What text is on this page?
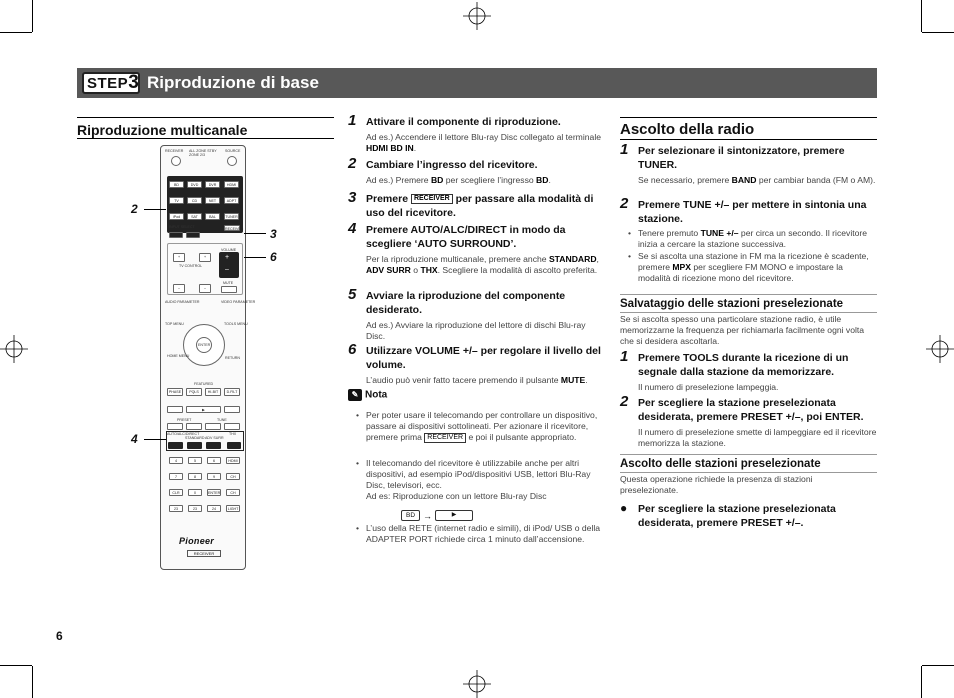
STEP3 Riproduzione di base
Riproduzione multicanale
RECEIVER ALL ZONE STBY
ZONE 2/3
SOURCE
BD	DVD	DVR	HDMI
TV	CD	NET	ADPT
iPod	SAT	BAL	TUNER
INPUT SELECT	RECEIVER
TV CONTROL
+	+
–	–
VOLUME
+
–
MUTE
AUDIO PARAMETER	VIDEO PARAMETER
TOP MENU	TOOLS MENU
ENTER
HOME MENU	RETURN
FEATURED
PHASE	PQLS	HI-BIT	D.FILT
▶
PRESET	TUNE
AUTO/ALC/DIRECT
STANDARD ADV SURR
THX
4	5	6	HDMI
7	8	9	CH
CLR	0	ENTER	CH
23	23	24	LIGHT
Pioneer
RECEIVER
2
3
6
4
1 Attivare il componente di riproduzione.
Ad es.) Accendere il lettore Blu-ray Disc collegato al terminale HDMI BD IN.
2 Cambiare l’ingresso del ricevitore.
Ad es.) Premere BD per scegliere l’ingresso BD.
3 Premere RECEIVER per passare alla modalità di uso del ricevitore.
4 Premere AUTO/ALC/DIRECT in modo da scegliere ‘AUTO SURROUND’.
Per la riproduzione multicanale, premere anche STANDARD, ADV SURR o THX. Scegliere la modalità di ascolto preferita.
5 Avviare la riproduzione del componente desiderato.
Ad es.) Avviare la riproduzione del lettore di dischi Blu-ray Disc.
6 Utilizzare VOLUME +/– per regolare il livello del volume.
L’audio può venir fatto tacere premendo il pulsante MUTE.
✎ Nota
• Per poter usare il telecomando per controllare un dispositivo, passare ai dispositivi sottolineati. Per azionare il ricevitore, premere prima RECEIVER e poi il pulsante appropriato.
• Il telecomando del ricevitore è utilizzabile anche per altri dispositivi, ad esempio iPod/dispositivi USB, lettori Blu-Ray Disc, televisori, ecc.
Ad es: Riproduzione con un lettore Blu-ray Disc
BD →	▶
• L’uso della RETE (internet radio e simili), di iPod/ USB o della ADAPTER PORT richiede circa 1 minuto dall’accensione.
Ascolto della radio
1 Per selezionare il sintonizzatore, premere TUNER.
Se necessario, premere BAND per cambiar banda (FM o AM).
2 Premere TUNE +/– per mettere in sintonia una stazione.
• Tenere premuto TUNE +/– per circa un secondo. Il ricevitore inizia a cercare la stazione successiva.
• Se si ascolta una stazione in FM ma la ricezione è scadente, premere MPX per scegliere FM MONO e impostare la modalità di ricezione mono del ricevitore.
Salvataggio delle stazioni preselezionate
Se si ascolta spesso una particolare stazione radio, è utile memorizzarne la frequenza per richiamarla facilmente ogni volta che si desidera ascoltarla.
1 Premere TOOLS durante la ricezione di un segnale dalla stazione da memorizzare.
Il numero di preselezione lampeggia.
2 Per scegliere la stazione preselezionata desiderata, premere PRESET +/–, poi ENTER.
Il numero di preselezione smette di lampeggiare ed il ricevitore memorizza la stazione.
Ascolto delle stazioni preselezionate
Questa operazione richiede la presenza di stazioni preselezionate.
● Per scegliere la stazione preselezionata desiderata, premere PRESET +/–.
6
